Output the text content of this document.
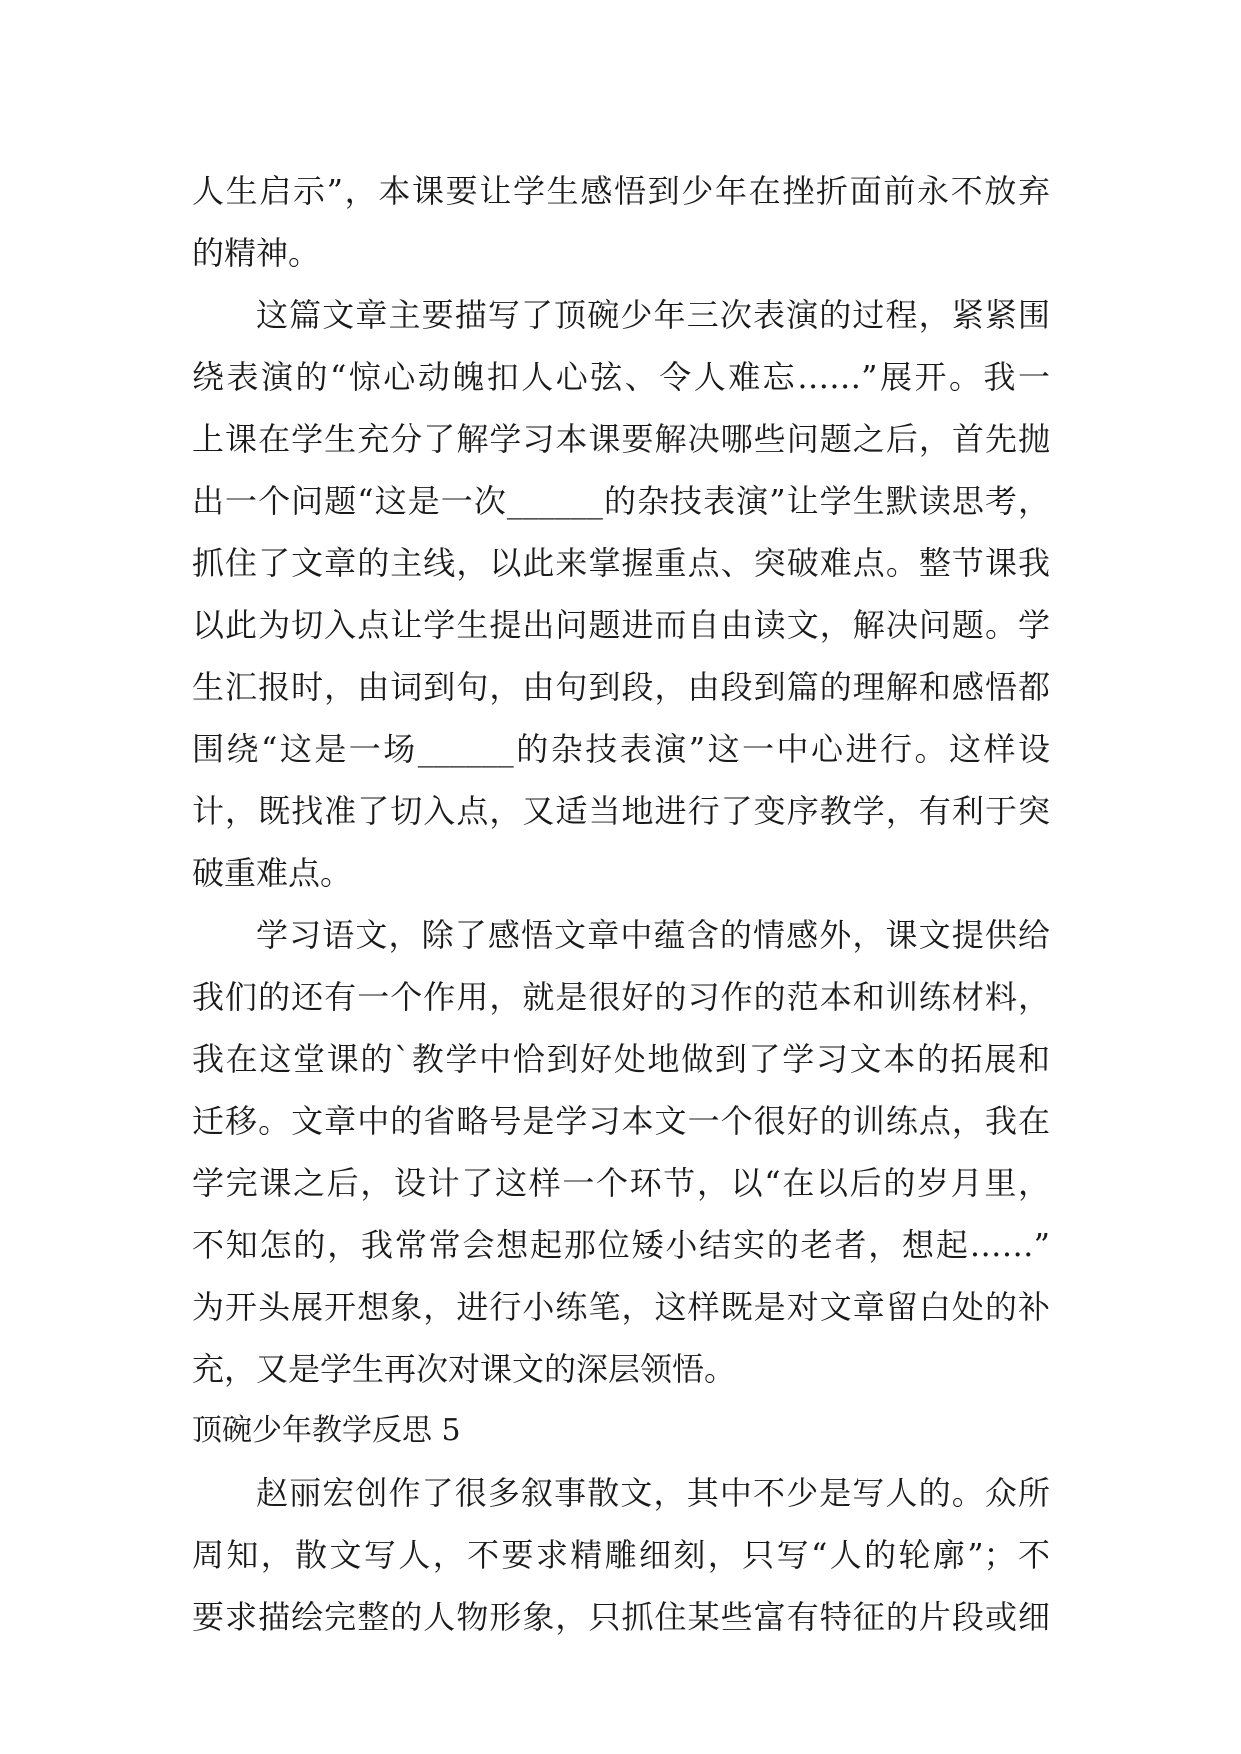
人生启示”，本课要让学生感悟到少年在挫折面前永不放弃
的精神。
这篇文章主要描写了顶碗少年三次表演的过程，紧紧围
绕表演的“惊心动魄扣人心弦、令人难忘……”展开。我一
上课在学生充分了解学习本课要解决哪些问题之后，首先抛
出一个问题“这是一次______的杂技表演”让学生默读思考，
抓住了文章的主线，以此来掌握重点、突破难点。整节课我
以此为切入点让学生提出问题进而自由读文，解决问题。学
生汇报时，由词到句，由句到段，由段到篇的理解和感悟都
围绕“这是一场______的杂技表演”这一中心进行。这样设
计，既找准了切入点，又适当地进行了变序教学，有利于突
破重难点。
学习语文，除了感悟文章中蕴含的情感外，课文提供给
我们的还有一个作用，就是很好的习作的范本和训练材料，
我在这堂课的`教学中恰到好处地做到了学习文本的拓展和
迁移。文章中的省略号是学习本文一个很好的训练点，我在
学完课之后，设计了这样一个环节，以“在以后的岁月里，
不知怎的，我常常会想起那位矮小结实的老者，想起……”
为开头展开想象，进行小练笔，这样既是对文章留白处的补
充，又是学生再次对课文的深层领悟。
顶碗少年教学反思 5
赵丽宏创作了很多叙事散文，其中不少是写人的。众所
周知，散文写人，不要求精雕细刻，只写“人的轮廓”；不
要求描绘完整的人物形象，只抓住某些富有特征的片段或细
